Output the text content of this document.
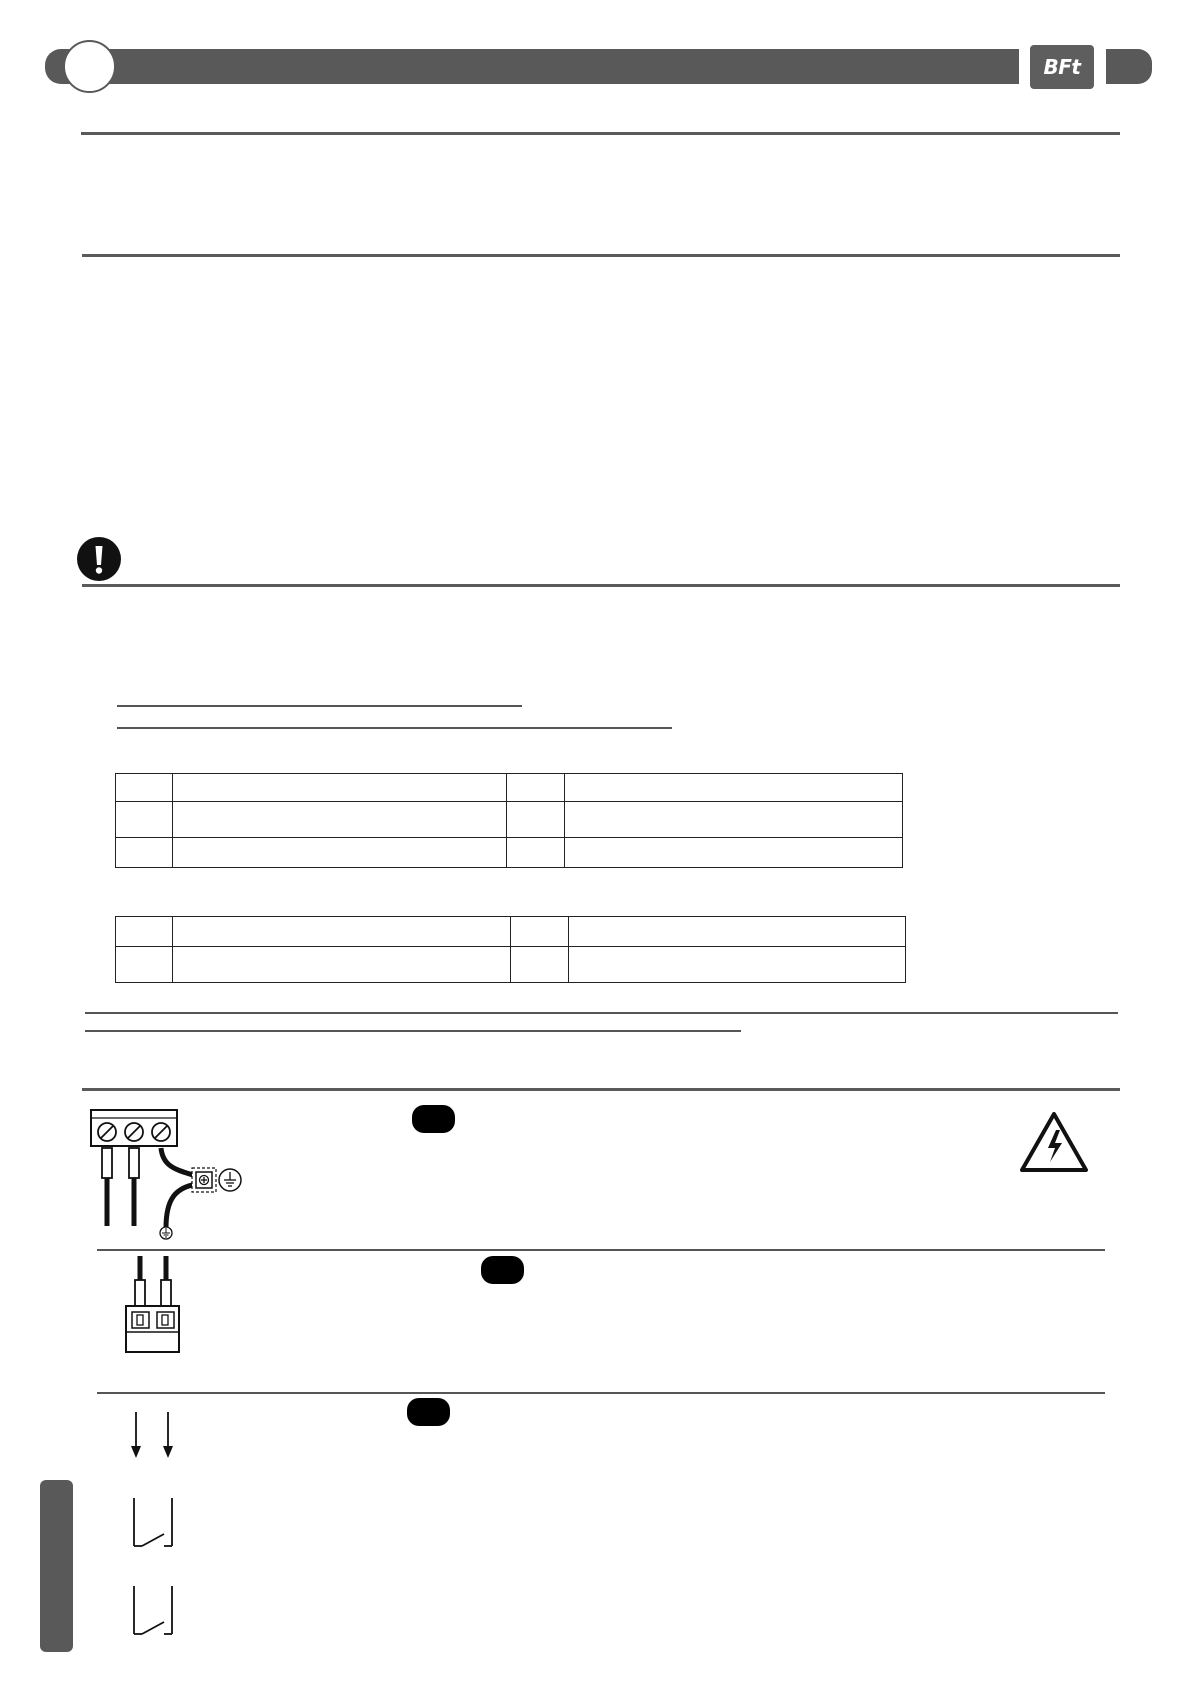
BFt
